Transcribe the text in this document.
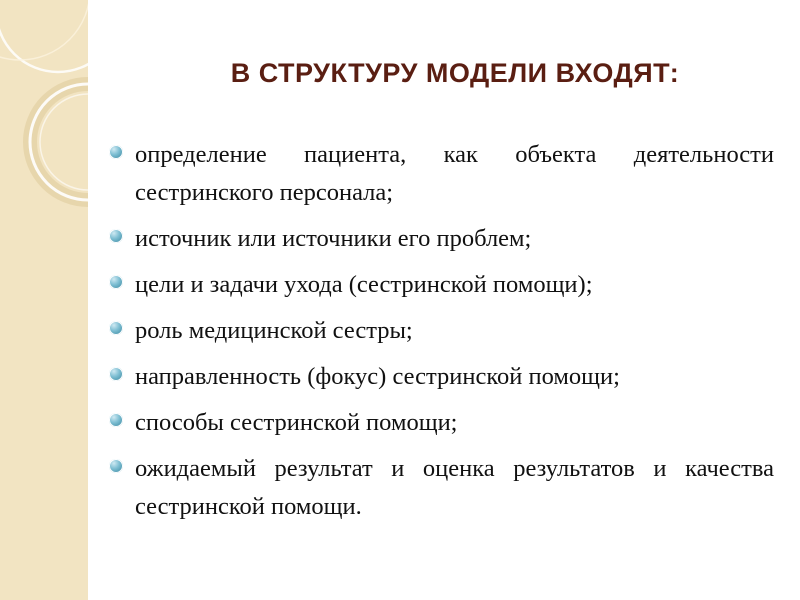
В СТРУКТУРУ МОДЕЛИ ВХОДЯТ:
определение пациента, как объекта деятельности сестринского персонала;
источник или источники его проблем;
цели и задачи ухода (сестринской помощи);
роль медицинской сестры;
направленность (фокус) сестринской помощи;
способы сестринской помощи;
ожидаемый результат и оценка результатов и качества сестринской помощи.
